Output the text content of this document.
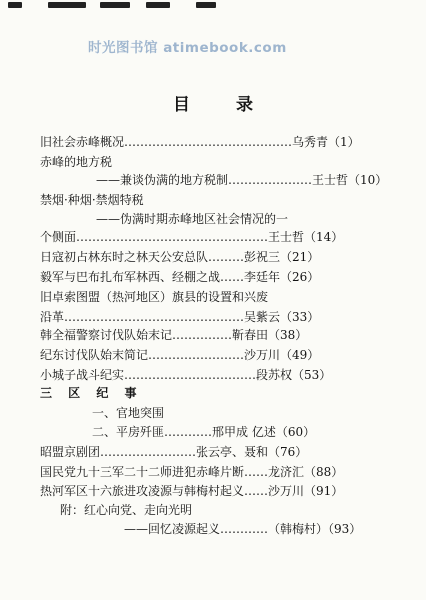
时光图书馆 atimebook.com
目 录
旧社会赤峰概况……………………………………乌秀青（1）
赤峰的地方税
——兼谈伪满的地方税制…………………王士哲（10）
禁烟·种烟·禁烟特税
——伪满时期赤峰地区社会情况的一
个侧面…………………………………………王士哲（14）
日寇初占林东时之林天公安总队………彭祝三（21）
毅军与巴布扎布军林西、经棚之战……李廷年（26）
旧卓索图盟（热河地区）旗县的设置和兴废
沿革………………………………………吴紫云（33）
韩全福警察讨伐队始末记……………靳春田（38）
纪东讨伐队始末简记……………………沙万川（49）
小城子战斗纪实……………………………段苏权（53）
三 区 纪 事
一、官地突围
二、平房歼匪…………邢甲成 亿述（60）
昭盟京剧团……………………张云亭、聂和（76）
国民党九十三军二十二师进犯赤峰片断……龙济汇（88）
热河军区十六旅进攻凌源与韩梅村起义……沙万川（91）
附：红心向党、走向光明
——回忆凌源起义…………（韩梅村）（93）
